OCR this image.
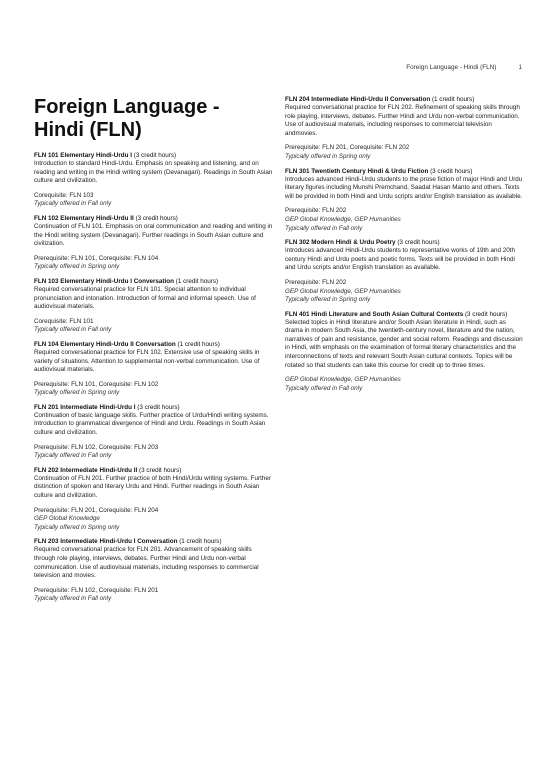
Foreign Language - Hindi (FLN)	1
Foreign Language - Hindi (FLN)
FLN 101 Elementary Hindi-Urdu I (3 credit hours)
Introduction to standard Hindi-Urdu. Emphasis on speaking and listening, and on reading and writing in the Hindi writing system (Devanagari). Readings in South Asian culture and civilization.
Corequisite: FLN 103
Typically offered in Fall only
FLN 102 Elementary Hindi-Urdu II (3 credit hours)
Continuation of FLN 101. Emphasis on oral communication and reading and writing in the Hindi writing system (Devanagari). Further readings in South Asian culture and civilization.
Prerequisite: FLN 101, Corequisite: FLN 104
Typically offered in Spring only
FLN 103 Elementary Hindi-Urdu I Conversation (1 credit hours)
Required conversational practice for FLN 101. Special attention to individual pronunciation and intonation. Introduction of formal and informal speech. Use of audiovisual materials.
Corequisite: FLN 101
Typically offered in Fall only
FLN 104 Elementary Hindi-Urdu II Conversation (1 credit hours)
Required conversational practice for FLN 102. Extensive use of speaking skills in variety of situations. Attention to supplemental non-verbal communication. Use of audiovisual materials.
Prerequisite: FLN 101, Corequisite: FLN 102
Typically offered in Spring only
FLN 201 Intermediate Hindi-Urdu I (3 credit hours)
Continuation of basic language skills. Further practice of Urdu/Hindi writing systems. Introduction to grammatical divergence of Hindi and Urdu. Readings in South Asian culture and civilization.
Prerequisite: FLN 102, Corequisite: FLN 203
Typically offered in Fall only
FLN 202 Intermediate Hindi-Urdu II (3 credit hours)
Continuation of FLN 201. Further practice of both Hindi/Urdu writing systems. Further distinction of spoken and literary Urdu and Hindi. Further readings in South Asian culture and civilization.
Prerequisite: FLN 201, Corequisite: FLN 204
GEP Global Knowledge
Typically offered in Spring only
FLN 203 Intermediate Hindi-Urdu I Conversation (1 credit hours)
Required conversational practice for FLN 201. Advancement of speaking skills through role playing, interviews, debates. Further Hindi and Urdu non-verbal communication. Use of audiovisual materials, including responses to commercial television and movies.
Prerequisite: FLN 102, Corequisite: FLN 201
Typically offered in Fall only
FLN 204 Intermediate Hindi-Urdu II Conversation (1 credit hours)
Required conversational practice for FLN 202. Refinement of speaking skills through role playing, interviews, debates. Further Hindi and Urdu non-verbal communication. Use of audiovisual materials, including responses to commercial television andmovies.
Prerequisite: FLN 201, Corequisite: FLN 202
Typically offered in Spring only
FLN 301 Twentieth Century Hindi & Urdu Fiction (3 credit hours)
Introduces advanced Hindi-Urdu students to the prose fiction of major Hindi and Urdu literary figures including Munshi Premchand, Saadat Hasan Manto and others. Texts will be provided in both Hindi and Urdu scripts and/or English translation as available.
Prerequisite: FLN 202
GEP Global Knowledge, GEP Humanities
Typically offered in Fall only
FLN 302 Modern Hindi & Urdu Poetry (3 credit hours)
Introduces advanced Hindi-Urdu students to representative works of 19th and 20th century Hindi and Urdu poets and poetic forms. Texts will be provided in both Hindi and Urdu scripts and/or English translation as available.
Prerequisite: FLN 202
GEP Global Knowledge, GEP Humanities
Typically offered in Spring only
FLN 401 Hindi Literature and South Asian Cultural Contexts (3 credit hours)
Selected topics in Hindi literature and/or South Asian literature in Hindi, such as drama in modern South Asia, the twentieth-century novel, literature and the nation, narratives of pain and resistance, gender and social reform. Readings and discussion in Hindi, with emphasis on the examination of formal literary characteristics and the interconnections of texts and relevant South Asian cultural contexts. Topics will be rotated so that students can take this course for credit up to three times.
GEP Global Knowledge, GEP Humanities
Typically offered in Fall only
